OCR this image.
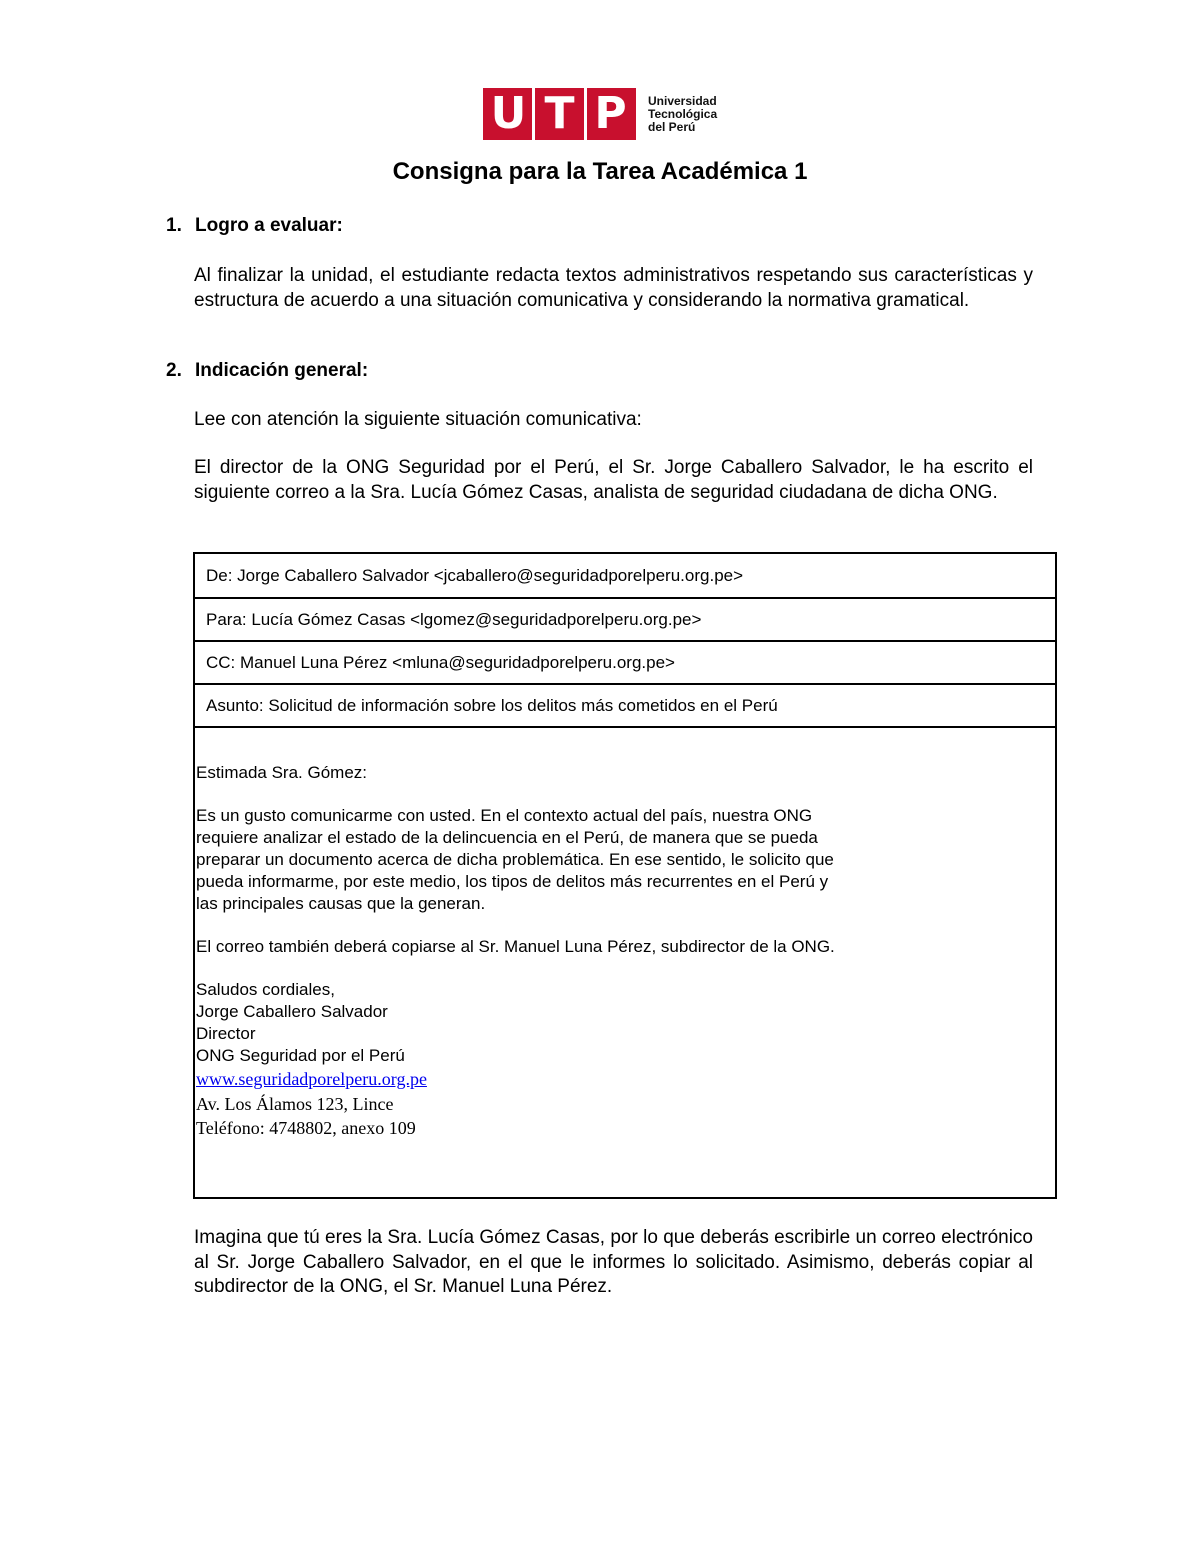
U T P	Universidad
Tecnológica
del Perú
Consigna para la Tarea Académica 1
1. Logro a evaluar:
Al finalizar la unidad, el estudiante redacta textos administrativos respetando sus características y estructura de acuerdo a una situación comunicativa y considerando la normativa gramatical.
2. Indicación general:
Lee con atención la siguiente situación comunicativa:
El director de la ONG Seguridad por el Perú, el Sr. Jorge Caballero Salvador, le ha escrito el siguiente correo a la Sra. Lucía Gómez Casas, analista de seguridad ciudadana de dicha ONG.
De: Jorge Caballero Salvador <jcaballero@seguridadporelperu.org.pe>
Para: Lucía Gómez Casas <lgomez@seguridadporelperu.org.pe>
CC: Manuel Luna Pérez <mluna@seguridadporelperu.org.pe>
Asunto: Solicitud de información sobre los delitos más cometidos en el Perú

Estimada Sra. Gómez:

Es un gusto comunicarme con usted. En el contexto actual del país, nuestra ONG

requiere analizar el estado de la delincuencia en el Perú, de manera que se pueda

preparar un documento acerca de dicha problemática. En ese sentido, le solicito que

pueda informarme, por este medio, los tipos de delitos más recurrentes en el Perú y

las principales causas que la generan.

El correo también deberá copiarse al Sr. Manuel Luna Pérez, subdirector de la ONG.

Saludos cordiales,

Jorge Caballero Salvador

Director

ONG Seguridad por el Perú

www.seguridadporelperu.org.pe

Av. Los Álamos 123, Lince

Teléfono: 4748802, anexo 109

Imagina que tú eres la Sra. Lucía Gómez Casas, por lo que deberás escribirle un correo electrónico al Sr. Jorge Caballero Salvador, en el que le informes lo solicitado. Asimismo, deberás copiar al subdirector de la ONG, el Sr. Manuel Luna Pérez.
